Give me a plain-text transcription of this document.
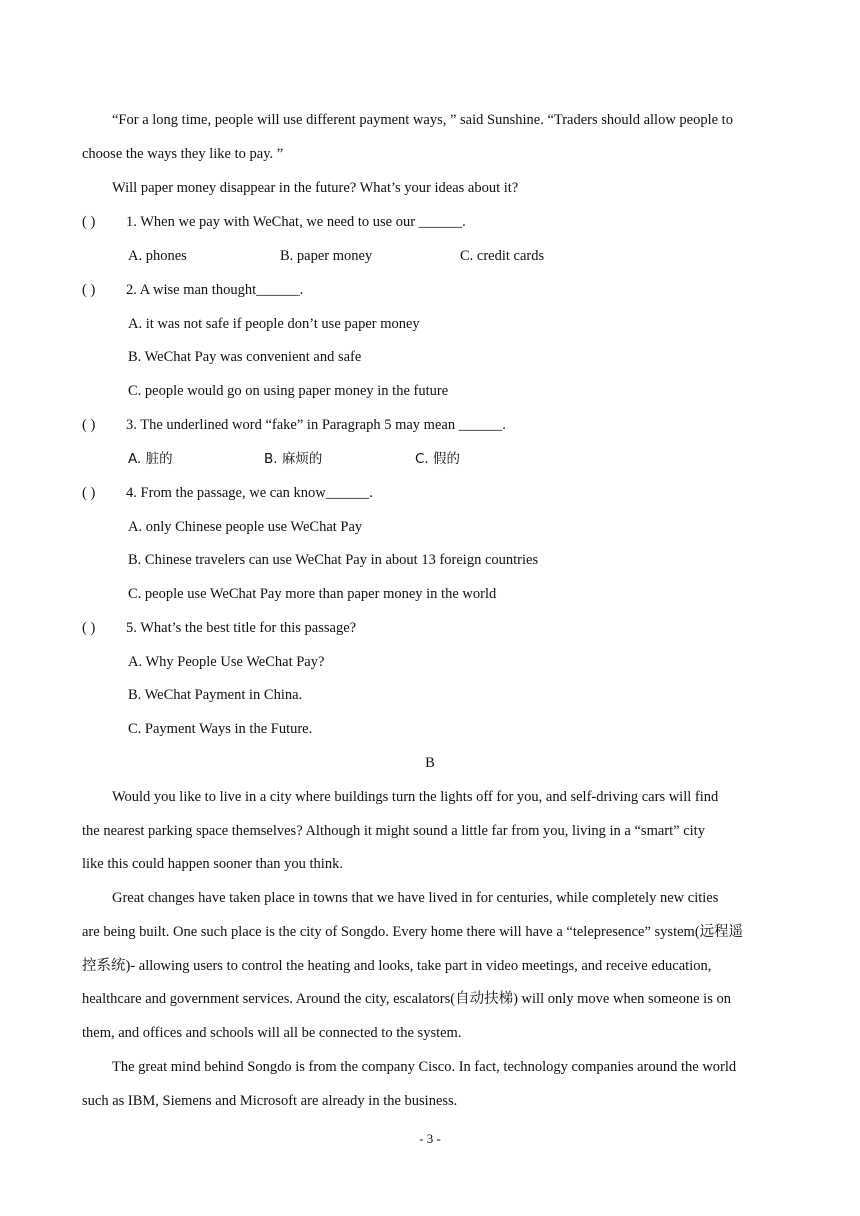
“For a long time, people will use different payment ways, ” said Sunshine. “Traders should allow people to
choose the ways they like to pay. ”
Will paper money disappear in the future? What’s your ideas about it?
( ) 1. When we pay with WeChat, we need to use our ______.
A. phones	B. paper money	C. credit cards
( ) 2. A wise man thought______.
A. it was not safe if people don’t use paper money
B. WeChat Pay was convenient and safe
C. people would go on using paper money in the future
( ) 3. The underlined word “fake” in Paragraph 5 may mean ______.
A. 脏的	B. 麻烦的	C. 假的
( ) 4. From the passage, we can know______.
A. only Chinese people use WeChat Pay
B. Chinese travelers can use WeChat Pay in about 13 foreign countries
C. people use WeChat Pay more than paper money in the world
( ) 5. What’s the best title for this passage?
A. Why People Use WeChat Pay?
B. WeChat Payment in China.
C. Payment Ways in the Future.
B
Would you like to live in a city where buildings turn the lights off for you, and self-driving cars will find
the nearest parking space themselves? Although it might sound a little far from you, living in a “smart” city
like this could happen sooner than you think.
Great changes have taken place in towns that we have lived in for centuries, while completely new cities
are being built. One such place is the city of Songdo. Every home there will have a “telepresence” system(远程遥
控系统)- allowing users to control the heating and looks, take part in video meetings, and receive education,
healthcare and government services. Around the city, escalators(自动扶梯) will only move when someone is on
them, and offices and schools will all be connected to the system.
The great mind behind Songdo is from the company Cisco. In fact, technology companies around the world
such as IBM, Siemens and Microsoft are already in the business.
- 3 -
